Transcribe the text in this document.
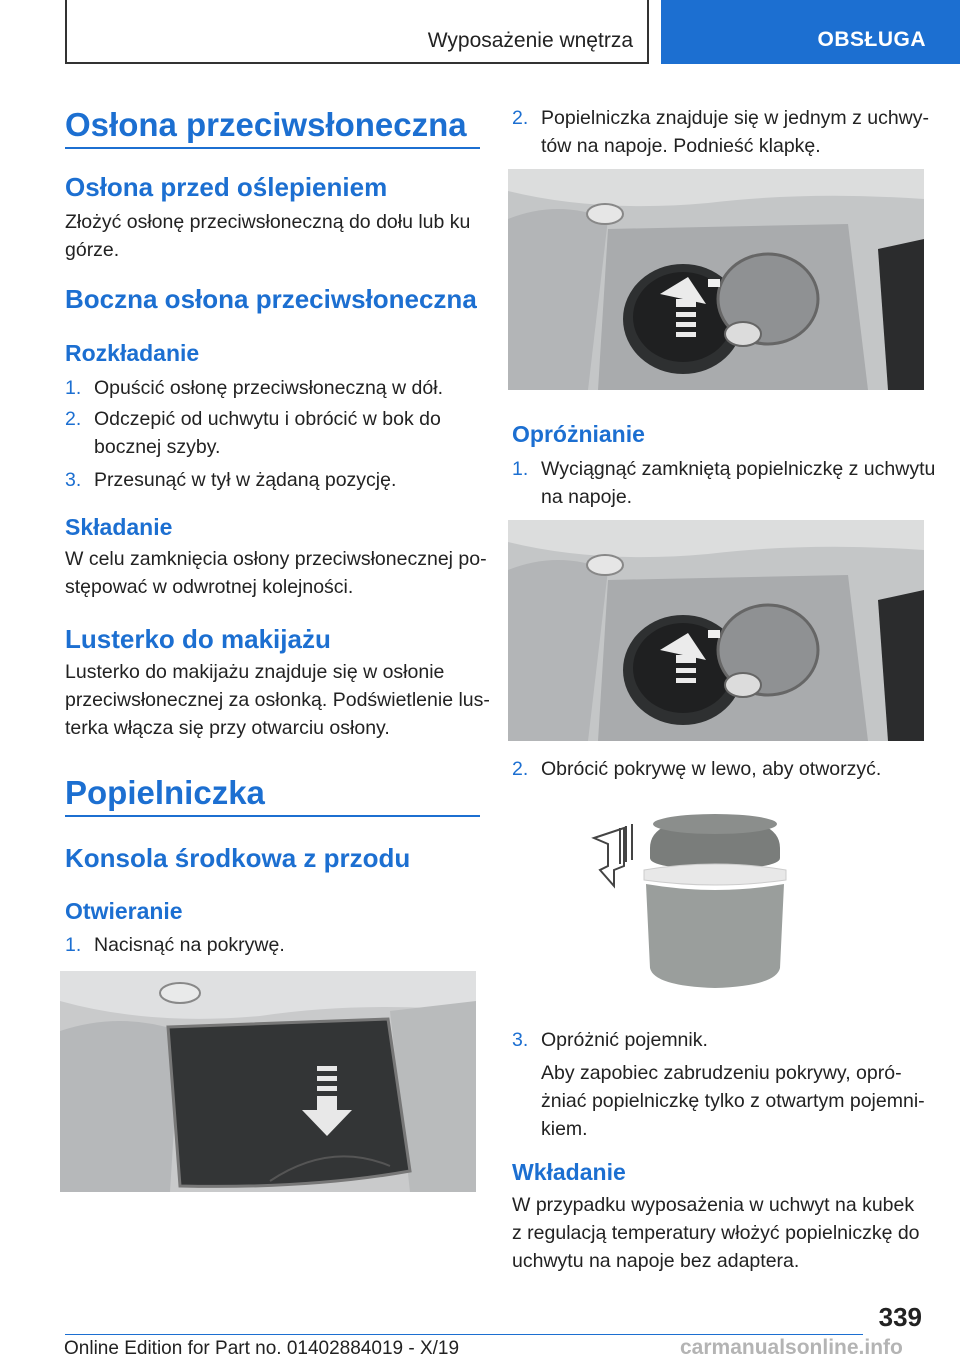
Wyposażenie wnętrza	OBSŁUGA
Osłona przeciwsłoneczna
Osłona przed oślepieniem
Złożyć osłonę przeciwsłoneczną do dołu lub ku
górze.
Boczna osłona przeciwsłoneczna
Rozkładanie
1. Opuścić osłonę przeciwsłoneczną w dół.
2. Odczepić od uchwytu i obrócić w bok do
bocznej szyby.
3. Przesunąć w tył w żądaną pozycję.
Składanie
W celu zamknięcia osłony przeciwsłonecznej po-
stępować w odwrotnej kolejności.
Lusterko do makijażu
Lusterko do makijażu znajduje się w osłonie
przeciwsłonecznej za osłonką. Podświetlenie lus-
terka włącza się przy otwarciu osłony.
Popielniczka
Konsola środkowa z przodu
Otwieranie
1. Nacisnąć na pokrywę.
2. Popielniczka znajduje się w jednym z uchwy-
tów na napoje. Podnieść klapkę.
Opróżnianie
1. Wyciągnąć zamkniętą popielniczkę z uchwytu
na napoje.
2. Obrócić pokrywę w lewo, aby otworzyć.
3. Opróżnić pojemnik.
Aby zapobiec zabrudzeniu pokrywy, opró-
żniać popielniczkę tylko z otwartym pojemni-
kiem.
Wkładanie
W przypadku wyposażenia w uchwyt na kubek
z regulacją temperatury włożyć popielniczkę do
uchwytu na napoje bez adaptera.
339
Online Edition for Part no. 01402884019 - X/19	carmanualsonline.info
